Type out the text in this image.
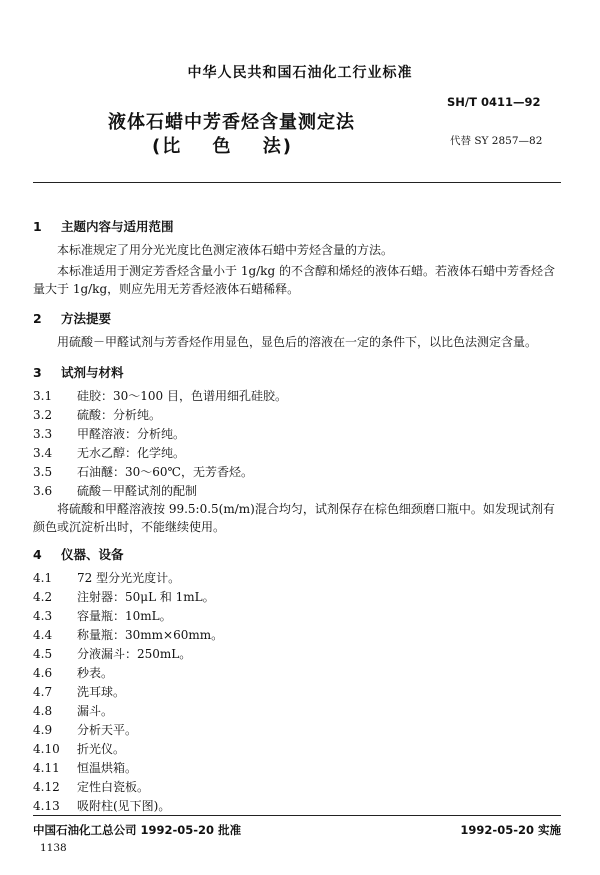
中华人民共和国石油化工行业标准
SH/T 0411—92
液体石蜡中芳香烃含量测定法
(比 色 法)	代替 SY 2857—82
1 主题内容与适用范围
本标准规定了用分光光度比色测定液体石蜡中芳烃含量的方法。
本标准适用于测定芳香烃含量小于 1g/kg 的不含醇和烯烃的液体石蜡。若液体石蜡中芳香烃含量大于 1g/kg，则应先用无芳香烃液体石蜡稀释。
2 方法提要
用硫酸－甲醛试剂与芳香烃作用显色，显色后的溶液在一定的条件下，以比色法测定含量。
3 试剂与材料
3.1 硅胶：30～100 目，色谱用细孔硅胶。
3.2 硫酸：分析纯。
3.3 甲醛溶液：分析纯。
3.4 无水乙醇：化学纯。
3.5 石油醚：30～60℃，无芳香烃。
3.6 硫酸－甲醛试剂的配制
将硫酸和甲醛溶液按 99.5:0.5(m/m)混合均匀，试剂保存在棕色细颈磨口瓶中。如发现试剂有颜色或沉淀析出时，不能继续使用。
4 仪器、设备
4.1 72 型分光光度计。
4.2 注射器：50μL 和 1mL。
4.3 容量瓶：10mL。
4.4 称量瓶：30mm×60mm。
4.5 分液漏斗：250mL。
4.6 秒表。
4.7 洗耳球。
4.8 漏斗。
4.9 分析天平。
4.10 折光仪。
4.11 恒温烘箱。
4.12 定性白瓷板。
4.13 吸附柱(见下图)。
中国石油化工总公司 1992-05-20 批准	1992-05-20 实施
1138
